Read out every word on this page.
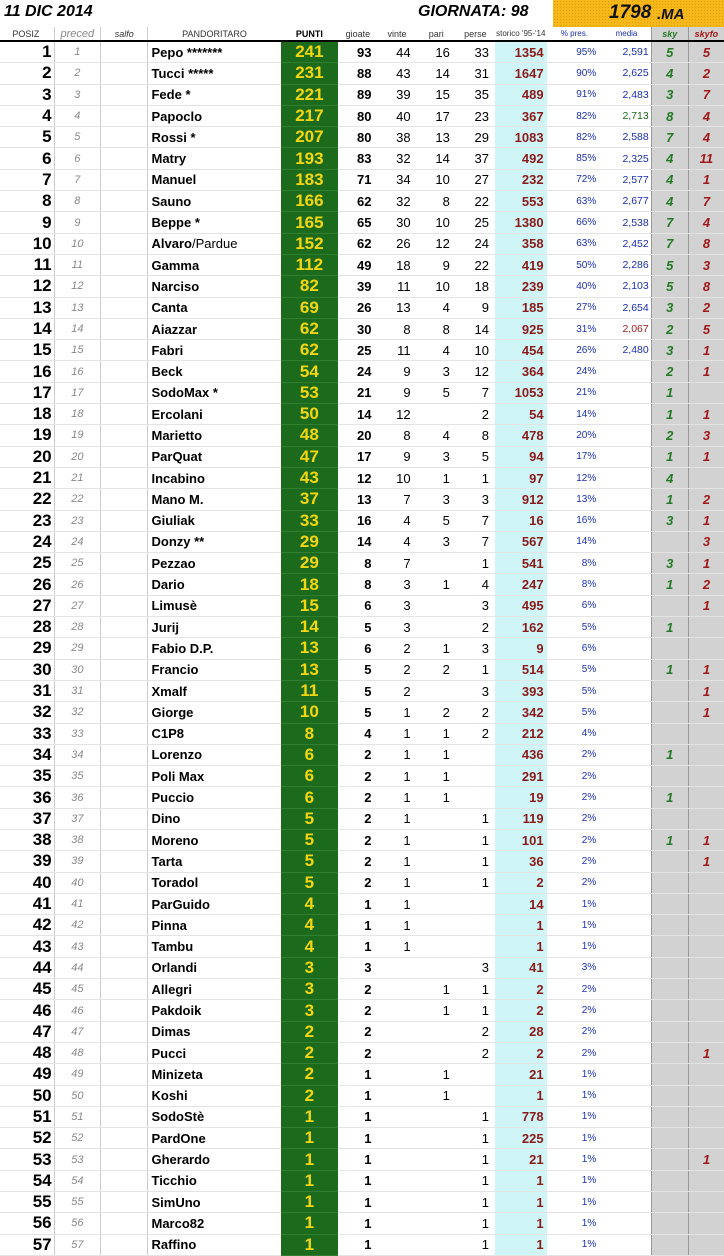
11 DIC 2014	GIORNATA: 98	1798 .MA
POSIZ	preced	salfo	PANDORITARO	PUNTI	gioate	vinte	pari	perse	storico '95-'14	% pres.	media	sky	skyfo
1	1		Pepo *******	241	93	44	16	33	1354	95%	2,591	5	5
2	2		Tucci *****	231	88	43	14	31	1647	90%	2,625	4	2
3	3		Fede *	221	89	39	15	35	489	91%	2,483	3	7
4	4		Papoclo	217	80	40	17	23	367	82%	2,713	8	4
5	5		Rossi *	207	80	38	13	29	1083	82%	2,588	7	4
6	6		Matry	193	83	32	14	37	492	85%	2,325	4	11
7	7		Manuel	183	71	34	10	27	232	72%	2,577	4	1
8	8		Sauno	166	62	32	8	22	553	63%	2,677	4	7
9	9		Beppe *	165	65	30	10	25	1380	66%	2,538	7	4
10	10		Alvaro/Pardue	152	62	26	12	24	358	63%	2,452	7	8
11	11		Gamma	112	49	18	9	22	419	50%	2,286	5	3
12	12		Narciso	82	39	11	10	18	239	40%	2,103	5	8
13	13		Canta	69	26	13	4	9	185	27%	2,654	3	2
14	14		Aiazzar	62	30	8	8	14	925	31%	2,067	2	5
15	15		Fabri	62	25	11	4	10	454	26%	2,480	3	1
16	16		Beck	54	24	9	3	12	364	24%		2	1
17	17		SodoMax *	53	21	9	5	7	1053	21%		1	
18	18		Ercolani	50	14	12		2	54	14%		1	1
19	19		Marietto	48	20	8	4	8	478	20%		2	3
20	20		ParQuat	47	17	9	3	5	94	17%		1	1
21	21		Incabino	43	12	10	1	1	97	12%		4	
22	22		Mano M.	37	13	7	3	3	912	13%		1	2
23	23		Giuliak	33	16	4	5	7	16	16%		3	1
24	24		Donzy **	29	14	4	3	7	567	14%			3
25	25		Pezzao	29	8	7		1	541	8%		3	1
26	26		Dario	18	8	3	1	4	247	8%		1	2
27	27		Limusè	15	6	3		3	495	6%			1
28	28		Jurij	14	5	3		2	162	5%		1	
29	29		Fabio D.P.	13	6	2	1	3	9	6%			
30	30		Francio	13	5	2	2	1	514	5%		1	1
31	31		Xmalf	11	5	2		3	393	5%			1
32	32		Giorge	10	5	1	2	2	342	5%			1
33	33		C1P8	8	4	1	1	2	212	4%			
34	34		Lorenzo	6	2	1	1		436	2%		1	
35	35		Poli Max	6	2	1	1		291	2%			
36	36		Puccio	6	2	1	1		19	2%		1	
37	37		Dino	5	2	1		1	119	2%			
38	38		Moreno	5	2	1		1	101	2%		1	1
39	39		Tarta	5	2	1		1	36	2%			1
40	40		Toradol	5	2	1		1	2	2%			
41	41		ParGuido	4	1	1			14	1%			
42	42		Pinna	4	1	1			1	1%			
43	43		Tambu	4	1	1			1	1%			
44	44		Orlandi	3	3			3	41	3%			
45	45		Allegri	3	2		1	1	2	2%			
46	46		Pakdoik	3	2		1	1	2	2%			
47	47		Dimas	2	2			2	28	2%			
48	48		Pucci	2	2			2	2	2%			1
49	49		Minizeta	2	1		1		21	1%			
50	50		Koshi	2	1		1		1	1%			
51	51		SodoStè	1	1			1	778	1%			
52	52		PardOne	1	1			1	225	1%			
53	53		Gherardo	1	1			1	21	1%			1
54	54		Ticchio	1	1			1	1	1%			
55	55		SimUno	1	1			1	1	1%			
56	56		Marco82	1	1			1	1	1%			
57	57		Raffino	1	1			1	1	1%			
